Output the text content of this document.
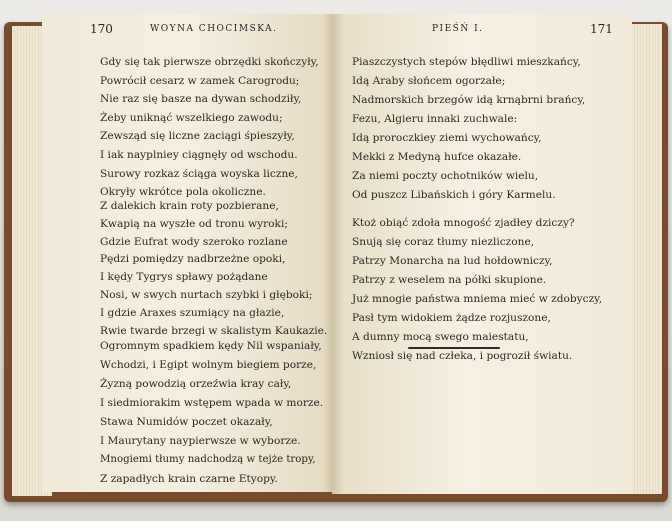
170	WOYNA CHOCIMSKA.
Gdy się tak pierwsze obrzędki skończyły,
Powrócił cesarz w zamek Carogrodu;
Nie raz się basze na dywan schodziły,
Żeby uniknąć wszelkiego zawodu;
Zewsząd się liczne zaciągi śpieszyły,
I iak nayplniey ciągnęły od wschodu.
Surowy rozkaz ściąga woyska liczne,
Okryły wkrótce pola okoliczne.
Z dalekich krain roty pozbierane,
Kwapią na wyszłe od tronu wyroki;
Gdzie Eufrat wody szeroko rozlane
Pędzi pomiędzy nadbrzeżne opoki,
I kędy Tygrys spławy pożądane
Nosi, w swych nurtach szybki i głęboki;
I gdzie Araxes szumiący na głazie,
Rwie twarde brzegi w skalistym Kaukazie.
Ogromnym spadkiem kędy Nil wspaniały,
Wchodzi, i Egipt wolnym biegiem porze,
Żyzną powodzią orzeźwia kray cały,
I siedmiorakim wstępem wpada w morze.
Stawa Numidów poczet okazały,
I Maurytany naypierwsze w wyborze.
Mnogiemi tłumy nadchodzą w tejże tropy,
Z zapadłych krain czarne Etyopy.
PIEŚŃ I.	171
Piaszczystych stepów błędliwi mieszkańcy,
Idą Araby słońcem ogorzałe;
Nadmorskich brzegów idą krnąbrni brańcy,
Fezu, Algieru innaki zuchwale:
Idą proroczkiey ziemi wychowańcy,
Mekki z Medyną hufce okazałe.
Za niemi poczty ochotników wielu,
Od puszcz Libańskich i góry Karmelu.
Ktoż obiąć zdoła mnogość zjadłey dziczy?
Snują się coraz tłumy niezliczone,
Patrzy Monarcha na lud hołdowniczy,
Patrzy z weselem na półki skupione.
Już mnogie państwa mniema mieć w zdobyczy,
Pasł tym widokiem żądze rozjuszone,
A dumny mocą swego maiestatu,
Wzniosł się nad człeka, i pogroził światu.
